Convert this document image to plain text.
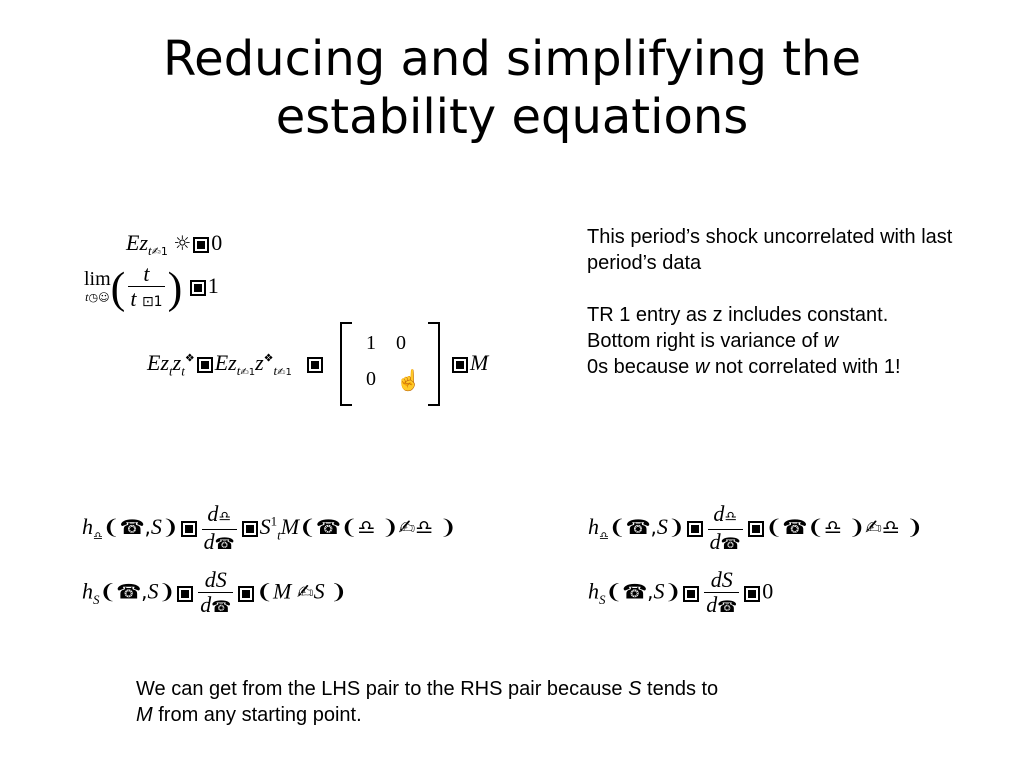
Reducing and simplifying the
estability equations
$Ez_{t✍1}$ ☼ 0
lim
t◷☺ ( $\frac{t}{t ⊡1}$ ) 1
$Ez_tz_t^❖$ $Ez_{t✍1}z^❖_{t✍1}$
1 0
0 ☝
M

This period’s shock uncorrelated with last period’s data

TR 1 entry as z includes constant.

Bottom right is variance of w

0s because w not correlated with 1!

$h_♎❨☎,S❩ \frac{d♎}{d☎}$ $S^1_tM❨☎❨♎$ ❩✍♎ ❩
$h_S❨☎,S❩ \frac{dS}{d☎}$ ❨M ✍S ❩
$h_♎❨☎,S❩ \frac{d♎}{d☎}$ ❨☎❨♎ ❩✍♎ ❩
$h_S❨☎,S❩ \frac{dS}{d☎} 0$

We can get from the LHS pair to the RHS pair because S tends to
M from any starting point.
